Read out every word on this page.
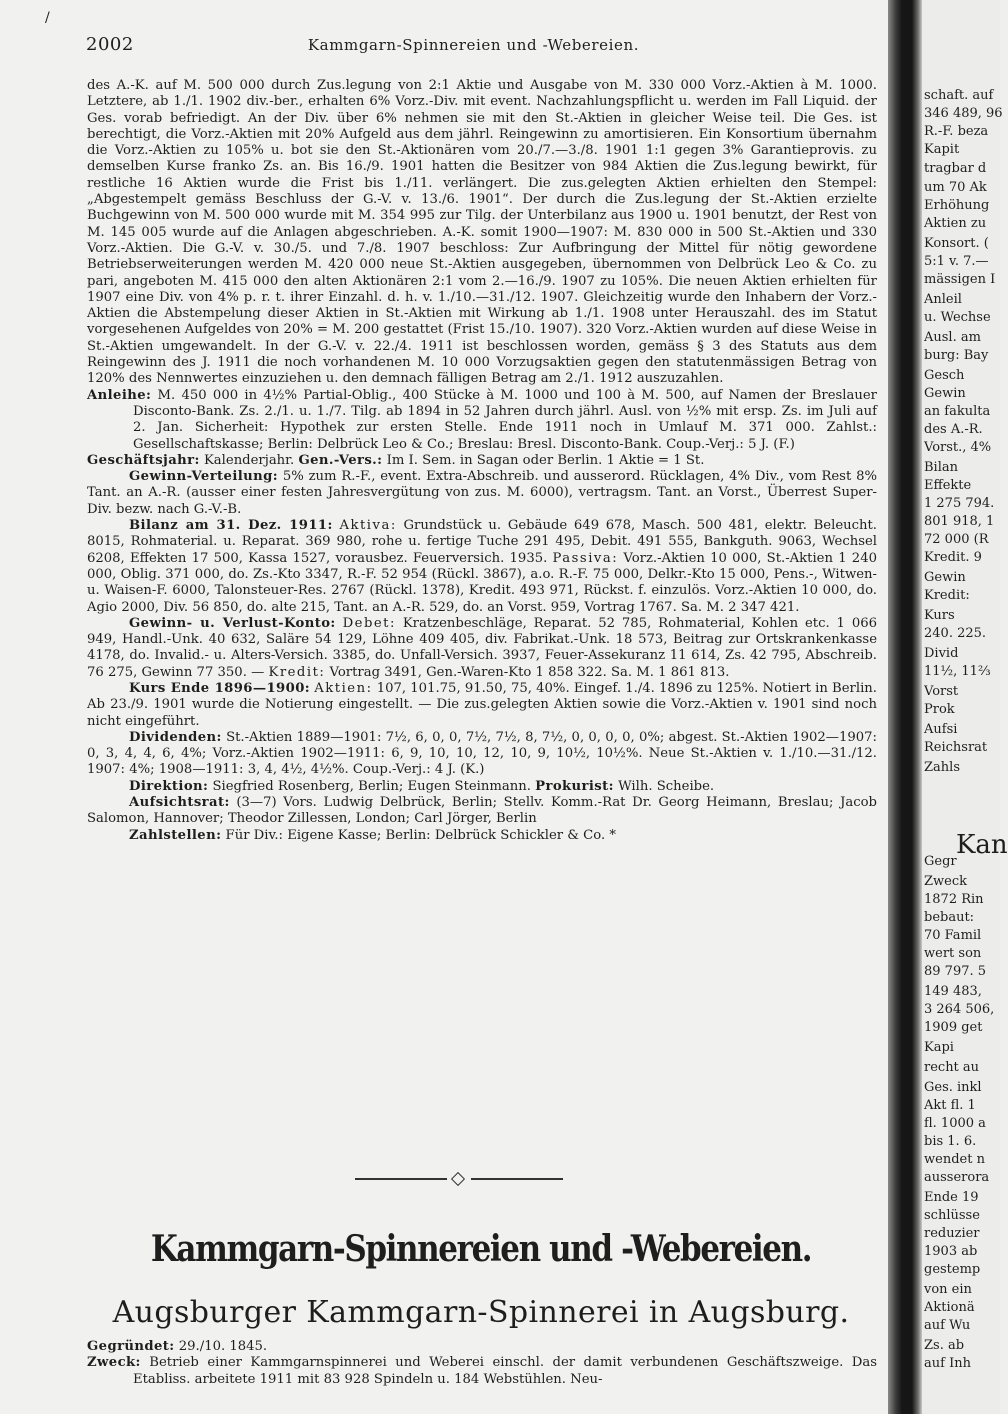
/
2002	Kammgarn-Spinnereien und -Webereien.

des A.-K. auf M. 500 000 durch Zus.legung von 2:1 Aktie und Ausgabe von M. 330 000 Vorz.-Aktien à M. 1000. Letztere, ab 1./1. 1902 div.-ber., erhalten 6% Vorz.-Div. mit event. Nachzahlungspflicht u. werden im Fall Liquid. der Ges. vorab befriedigt. An der Div. über 6% nehmen sie mit den St.-Aktien in gleicher Weise teil. Die Ges. ist berechtigt, die Vorz.-Aktien mit 20% Aufgeld aus dem jährl. Reingewinn zu amortisieren. Ein Konsortium übernahm die Vorz.-Aktien zu 105% u. bot sie den St.-Aktionären vom 20./7.—3./8. 1901 1:1 gegen 3% Garantieprovis. zu demselben Kurse franko Zs. an. Bis 16./9. 1901 hatten die Besitzer von 984 Aktien die Zus.legung bewirkt, für restliche 16 Aktien wurde die Frist bis 1./11. verlängert. Die zus.gelegten Aktien erhielten den Stempel: „Abgestempelt gemäss Beschluss der G.-V. v. 13./6. 1901“. Der durch die Zus.legung der St.-Aktien erzielte Buchgewinn von M. 500 000 wurde mit M. 354 995 zur Tilg. der Unterbilanz aus 1900 u. 1901 benutzt, der Rest von M. 145 005 wurde auf die Anlagen abgeschrieben. A.-K. somit 1900—1907: M. 830 000 in 500 St.-Aktien und 330 Vorz.-Aktien. Die G.-V. v. 30./5. und 7./8. 1907 beschloss: Zur Aufbringung der Mittel für nötig gewordene Betriebserweiterungen werden M. 420 000 neue St.-Aktien ausgegeben, übernommen von Delbrück Leo & Co. zu pari, angeboten M. 415 000 den alten Aktionären 2:1 vom 2.—16./9. 1907 zu 105%. Die neuen Aktien erhielten für 1907 eine Div. von 4% p. r. t. ihrer Einzahl. d. h. v. 1./10.—31./12. 1907. Gleichzeitig wurde den Inhabern der Vorz.-Aktien die Abstempelung dieser Aktien in St.-Aktien mit Wirkung ab 1./1. 1908 unter Herauszahl. des im Statut vorgesehenen Aufgeldes von 20% = M. 200 gestattet (Frist 15./10. 1907). 320 Vorz.-Aktien wurden auf diese Weise in St.-Aktien umgewandelt. In der G.-V. v. 22./4. 1911 ist beschlossen worden, gemäss § 3 des Statuts aus dem Reingewinn des J. 1911 die noch vorhandenen M. 10 000 Vorzugsaktien gegen den statutenmässigen Betrag von 120% des Nennwertes einzuziehen u. den demnach fälligen Betrag am 2./1. 1912 auszuzahlen.

Anleihe: M. 450 000 in 4½% Partial-Oblig., 400 Stücke à M. 1000 und 100 à M. 500, auf Namen der Breslauer Disconto-Bank. Zs. 2./1. u. 1./7. Tilg. ab 1894 in 52 Jahren durch jährl. Ausl. von ½% mit ersp. Zs. im Juli auf 2. Jan. Sicherheit: Hypothek zur ersten Stelle. Ende 1911 noch in Umlauf M. 371 000. Zahlst.: Gesellschaftskasse; Berlin: Delbrück Leo & Co.; Breslau: Bresl. Disconto-Bank. Coup.-Verj.: 5 J. (F.)

Geschäftsjahr: Kalenderjahr. Gen.-Vers.: Im I. Sem. in Sagan oder Berlin. 1 Aktie = 1 St.

Gewinn-Verteilung: 5% zum R.-F., event. Extra-Abschreib. und ausserord. Rücklagen, 4% Div., vom Rest 8% Tant. an A.-R. (ausser einer festen Jahresvergütung von zus. M. 6000), vertragsm. Tant. an Vorst., Überrest Super-Div. bezw. nach G.-V.-B.

Bilanz am 31. Dez. 1911: Aktiva: Grundstück u. Gebäude 649 678, Masch. 500 481, elektr. Beleucht. 8015, Rohmaterial. u. Reparat. 369 980, rohe u. fertige Tuche 291 495, Debit. 491 555, Bankguth. 9063, Wechsel 6208, Effekten 17 500, Kassa 1527, vorausbez. Feuerversich. 1935. Passiva: Vorz.-Aktien 10 000, St.-Aktien 1 240 000, Oblig. 371 000, do. Zs.-Kto 3347, R.-F. 52 954 (Rückl. 3867), a.o. R.-F. 75 000, Delkr.-Kto 15 000, Pens.-, Witwen- u. Waisen-F. 6000, Talonsteuer-Res. 2767 (Rückl. 1378), Kredit. 493 971, Rückst. f. einzulös. Vorz.-Aktien 10 000, do. Agio 2000, Div. 56 850, do. alte 215, Tant. an A.-R. 529, do. an Vorst. 959, Vortrag 1767. Sa. M. 2 347 421.

Gewinn- u. Verlust-Konto: Debet: Kratzenbeschläge, Reparat. 52 785, Rohmaterial, Kohlen etc. 1 066 949, Handl.-Unk. 40 632, Saläre 54 129, Löhne 409 405, div. Fabrikat.-Unk. 18 573, Beitrag zur Ortskrankenkasse 4178, do. Invalid.- u. Alters-Versich. 3385, do. Unfall-Versich. 3937, Feuer-Assekuranz 11 614, Zs. 42 795, Abschreib. 76 275, Gewinn 77 350. — Kredit: Vortrag 3491, Gen.-Waren-Kto 1 858 322. Sa. M. 1 861 813.

Kurs Ende 1896—1900: Aktien: 107, 101.75, 91.50, 75, 40%. Eingef. 1./4. 1896 zu 125%. Notiert in Berlin. Ab 23./9. 1901 wurde die Notierung eingestellt. — Die zus.gelegten Aktien sowie die Vorz.-Aktien v. 1901 sind noch nicht eingeführt.

Dividenden: St.-Aktien 1889—1901: 7½, 6, 0, 0, 7½, 7½, 8, 7½, 0, 0, 0, 0, 0%; abgest. St.-Aktien 1902—1907: 0, 3, 4, 4, 6, 4%; Vorz.-Aktien 1902—1911: 6, 9, 10, 10, 12, 10, 9, 10½, 10½%. Neue St.-Aktien v. 1./10.—31./12. 1907: 4%; 1908—1911: 3, 4, 4½, 4½%. Coup.-Verj.: 4 J. (K.)

Direktion: Siegfried Rosenberg, Berlin; Eugen Steinmann. Prokurist: Wilh. Scheibe.

Aufsichtsrat: (3—7) Vors. Ludwig Delbrück, Berlin; Stellv. Komm.-Rat Dr. Georg Heimann, Breslau; Jacob Salomon, Hannover; Theodor Zillessen, London; Carl Jörger, Berlin

Zahlstellen: Für Div.: Eigene Kasse; Berlin: Delbrück Schickler & Co. *

Kammgarn-Spinnereien und -Webereien.
Augsburger Kammgarn-Spinnerei in Augsburg.

Gegründet: 29./10. 1845.

Zweck: Betrieb einer Kammgarnspinnerei und Weberei einschl. der damit verbundenen Geschäftszweige. Das Etabliss. arbeitete 1911 mit 83 928 Spindeln u. 184 Webstühlen. Neu-

schaft. auf
346 489, 96
R.-F. beza
Kapit
tragbar d
um 70 Ak
Erhöhung
Aktien zu
Konsort. (
5:1 v. 7.—
mässigen I
Anleil
u. Wechse
Ausl. am
burg: Bay
Gesch
Gewin
an fakulta
des A.-R.
Vorst., 4%
Bilan
Effekte
1 275 794.
801 918, 1
72 000 (R
Kredit. 9
Gewin
Kredit:
Kurs
240. 225.
Divid
11½, 11⅔
Vorst
Prok
Aufsi
Reichsrat
Zahls
Kan
Gegr
Zweck
1872 Rin
bebaut:
70 Famil
wert son
89 797. 5
149 483,
3 264 506,
1909 get
Kapi
recht au
Ges. inkl
Akt fl. 1
fl. 1000 a
bis 1. 6.
wendet n
ausserora
Ende 19
schlüsse
reduzier
1903 ab
gestemp
von ein
Aktionä
auf Wu
Zs. ab
auf Inh
